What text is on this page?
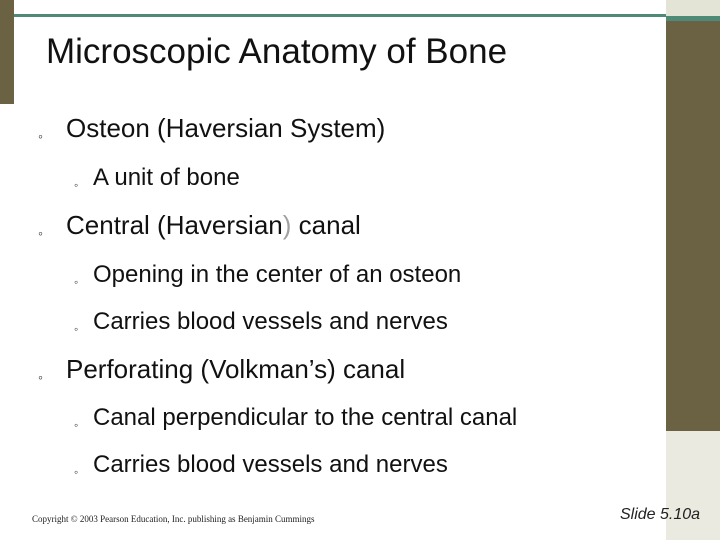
Microscopic Anatomy of Bone
◦ Osteon (Haversian System)
◦ A unit of bone
◦ Central (Haversian) canal
◦ Opening in the center of an osteon
◦ Carries blood vessels and nerves
◦ Perforating (Volkman’s) canal
◦ Canal perpendicular to the central canal
◦ Carries blood vessels and nerves
Copyright © 2003 Pearson Education, Inc. publishing as Benjamin Cummings	Slide 5.10a
